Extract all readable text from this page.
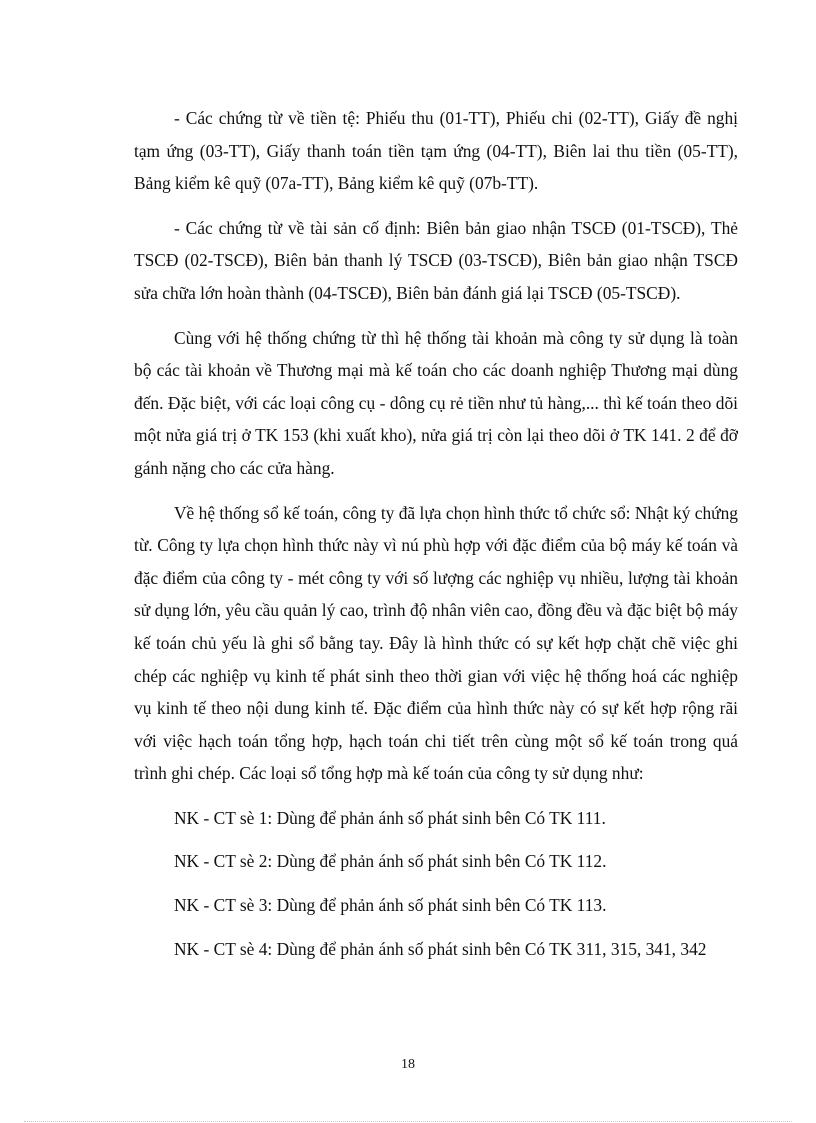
- Các chứng từ về tiền tệ: Phiếu thu (01-TT), Phiếu chi (02-TT), Giấy đề nghị tạm ứng (03-TT), Giấy thanh toán tiền tạm ứng (04-TT), Biên lai thu tiền (05-TT), Bảng kiểm kê quỹ (07a-TT), Bảng kiểm kê quỹ (07b-TT).

- Các chứng từ về tài sản cố định: Biên bản giao nhận TSCĐ (01-TSCĐ), Thẻ TSCĐ (02-TSCĐ), Biên bản thanh lý TSCĐ (03-TSCĐ), Biên bản giao nhận TSCĐ sửa chữa lớn hoàn thành (04-TSCĐ), Biên bản đánh giá lại TSCĐ (05-TSCĐ).

Cùng với hệ thống chứng từ thì hệ thống tài khoản mà công ty sử dụng là toàn bộ các tài khoản về Thương mại mà kế toán cho các doanh nghiệp Thương mại dùng đến. Đặc biệt, với các loại công cụ - dông cụ rẻ tiền như tủ hàng,... thì kế toán theo dõi một nửa giá trị ở TK 153 (khi xuất kho), nửa giá trị còn lại theo dõi ở TK 141. 2 để đỡ gánh nặng cho các cửa hàng.

Về hệ thống sổ kế toán, công ty đã lựa chọn hình thức tổ chức sổ: Nhật ký chứng từ. Công ty lựa chọn hình thức này vì nú phù hợp với đặc điểm của bộ máy kế toán và đặc điểm của công ty - mét công ty với số lượng các nghiệp vụ nhiều, lượng tài khoản sử dụng lớn, yêu cầu quản lý cao, trình độ nhân viên cao, đồng đều và đặc biệt bộ máy kế toán chủ yếu là ghi sổ bằng tay. Đây là hình thức có sự kết hợp chặt chẽ việc ghi chép các nghiệp vụ kinh tế phát sinh theo thời gian với việc hệ thống hoá các nghiệp vụ kinh tế theo nội dung kinh tế. Đặc điểm của hình thức này có sự kết hợp rộng rãi với việc hạch toán tổng hợp, hạch toán chi tiết trên cùng một sổ kế toán trong quá trình ghi chép. Các loại sổ tổng hợp mà kế toán của công ty sử dụng như:

NK - CT sè 1: Dùng để phản ánh số phát sinh bên Có TK 111.

NK - CT sè 2: Dùng để phản ánh số phát sinh bên Có TK 112.

NK - CT sè 3: Dùng để phản ánh số phát sinh bên Có TK 113.

NK - CT sè 4: Dùng để phản ánh số phát sinh bên Có TK 311, 315, 341, 342

18
